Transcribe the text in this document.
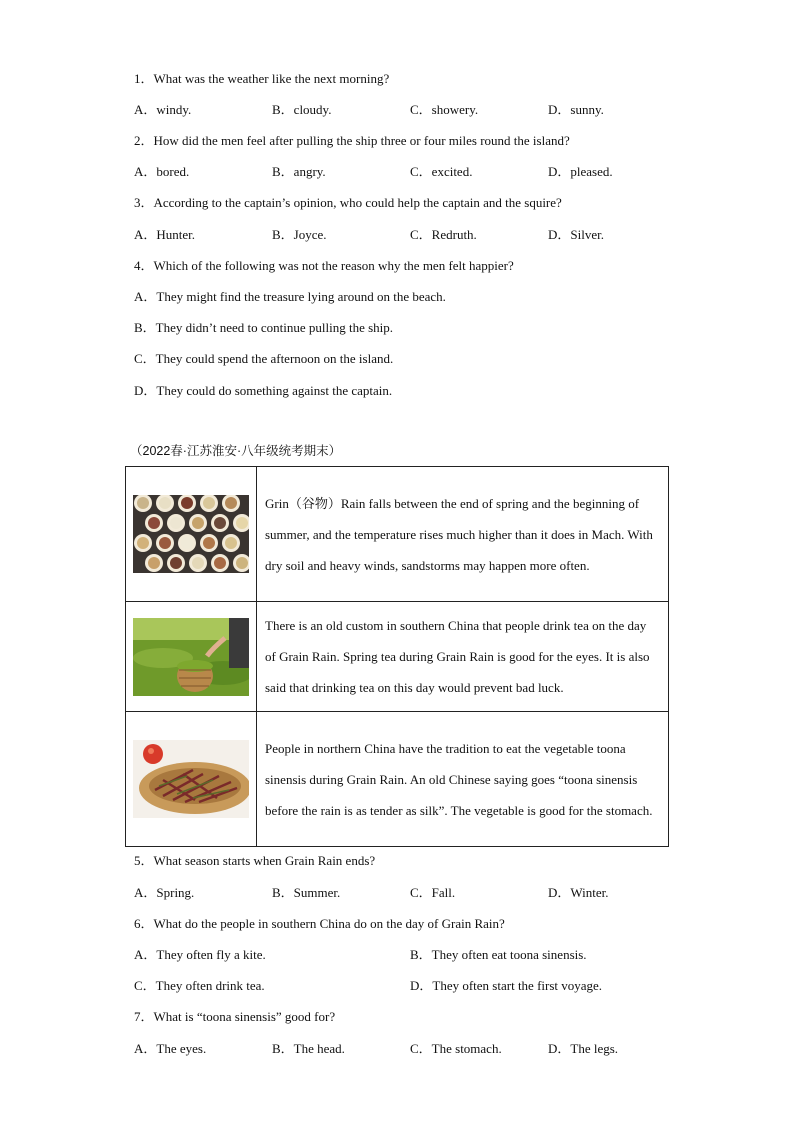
1．What was the weather like the next morning?
A．windy.	B．cloudy.	C．showery.	D．sunny.
2．How did the men feel after pulling the ship three or four miles round the island?
A．bored.	B．angry.	C．excited.	D．pleased.
3．According to the captain’s opinion, who could help the captain and the squire?
A．Hunter.	B．Joyce.	C．Redruth.	D．Silver.
4．Which of the following was not the reason why the men felt happier?
A．They might find the treasure lying around on the beach.
B．They didn’t need to continue pulling the ship.
C．They could spend the afternoon on the island.
D．They could do something against the captain.
（2022春·江苏淮安·八年级统考期末）
	Grin（谷物）Rain falls between the end of spring and the beginning of summer, and the temperature rises much higher than it does in Mach. With dry soil and heavy winds, sandstorms may happen more often.

	There is an old custom in southern China that people drink tea on the day of Grain Rain. Spring tea during Grain Rain is good for the eyes. It is also said that drinking tea on this day would prevent bad luck.

	People in northern China have the tradition to eat the vegetable toona sinensis during Grain Rain. An old Chinese saying goes “toona sinensis before the rain is as tender as silk”. The vegetable is good for the stomach.
5．What season starts when Grain Rain ends?
A．Spring.	B．Summer.	C．Fall.	D．Winter.
6．What do the people in southern China do on the day of Grain Rain?
A．They often fly a kite.	B．They often eat toona sinensis.
C．They often drink tea.	D．They often start the first voyage.
7．What is “toona sinensis” good for?
A．The eyes.	B．The head.	C．The stomach.	D．The legs.
